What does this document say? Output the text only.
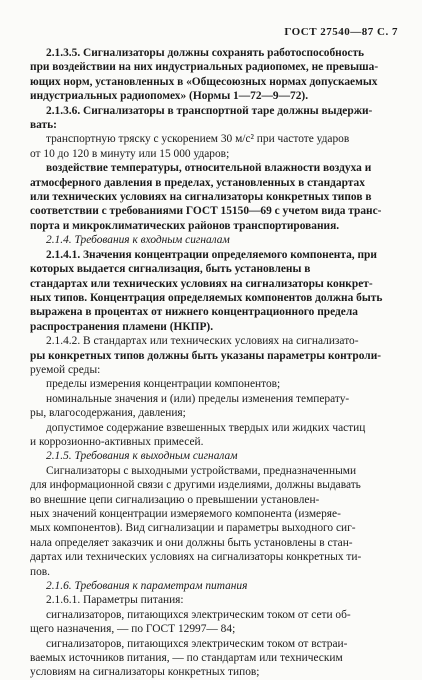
ГОСТ 27540—87 С. 7
2.1.3.5. Сигнализаторы должны сохранять работоспособность
при воздействии на них индустриальных радиопомех, не превыша-
ющих норм, установленных в «Общесоюзных нормах допускаемых
индустриальных радиопомех» (Нормы 1—72—9—72).
2.1.3.6. Сигнализаторы в транспортной таре должны выдержи-
вать:
транспортную тряску с ускорением 30 м/с² при частоте ударов
от 10 до 120 в минуту или 15 000 ударов;
воздействие температуры, относительной влажности воздуха и
атмосферного давления в пределах, установленных в стандартах
или технических условиях на сигнализаторы конкретных типов в
соответствии с требованиями ГОСТ 15150—69 с учетом вида транс-
порта и микроклиматических районов транспортирования.
2.1.4. Требования к входным сигналам
2.1.4.1. Значения концентрации определяемого компонента, при
которых выдается сигнализация, быть установлены в
стандартах или технических условиях на сигнализаторы конкрет-
ных типов. Концентрация определяемых компонентов должна быть
выражена в процентах от нижнего концентрационного предела
распространения пламени (НКПР).
2.1.4.2. В стандартах или технических условиях на сигнализато-
ры конкретных типов должны быть указаны параметры контроли-
руемой среды:
пределы измерения концентрации компонентов;
номинальные значения и (или) пределы изменения температу-
ры, влагосодержания, давления;
допустимое содержание взвешенных твердых или жидких частиц
и коррозионно-активных примесей.
2.1.5. Требования к выходным сигналам
Сигнализаторы с выходными устройствами, предназначенными
для информационной связи с другими изделиями, должны выдавать
во внешние цепи сигнализацию о превышении установлен-
ных значений концентрации измеряемого компонента (измеряе-
мых компонентов). Вид сигнализации и параметры выходного сиг-
нала определяет заказчик и они должны быть установлены в стан-
дартах или технических условиях на сигнализаторы конкретных ти-
пов.
2.1.6. Требования к параметрам питания
2.1.6.1. Параметры питания:
сигнализаторов, питающихся электрическим током от сети об-
щего назначения, — по ГОСТ 12997— 84;
сигнализаторов, питающихся электрическим током от встраи-
ваемых источников питания, — по стандартам или техническим
условиям на сигнализаторы конкретных типов;
